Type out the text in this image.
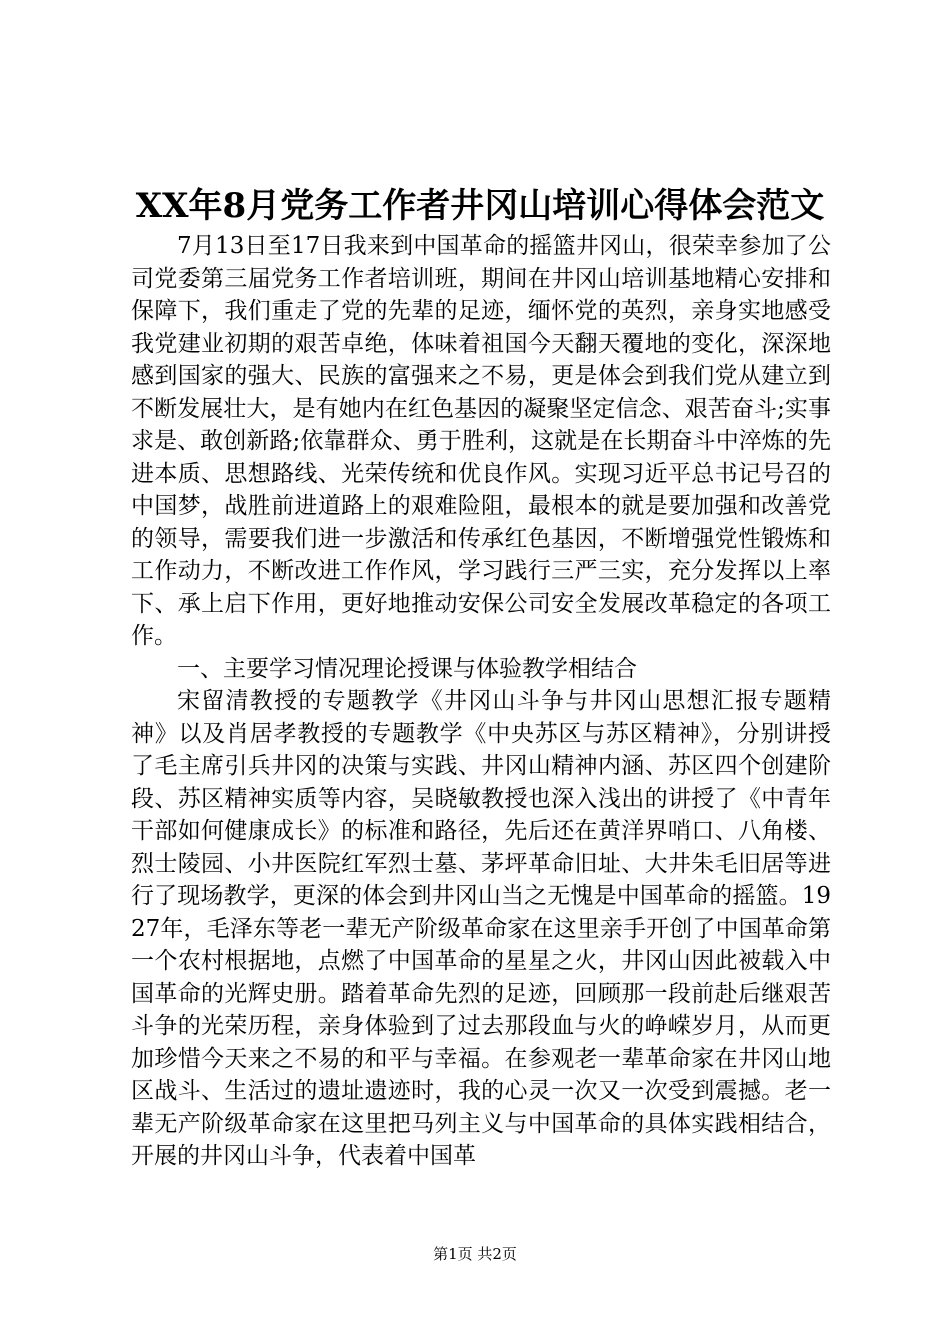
XX年8月党务工作者井冈山培训心得体会范文

7月13日至17日我来到中国革命的摇篮井冈山，很荣幸参加了公司党委第三届党务工作者培训班，期间在井冈山培训基地精心安排和保障下，我们重走了党的先辈的足迹，缅怀党的英烈，亲身实地感受我党建业初期的艰苦卓绝，体味着祖国今天翻天覆地的变化，深深地感到国家的强大、民族的富强来之不易，更是体会到我们党从建立到不断发展壮大，是有她内在红色基因的凝聚坚定信念、艰苦奋斗;实事求是、敢创新路;依靠群众、勇于胜利，这就是在长期奋斗中淬炼的先进本质、思想路线、光荣传统和优良作风。实现习近平总书记号召的中国梦，战胜前进道路上的艰难险阻，最根本的就是要加强和改善党的领导，需要我们进一步激活和传承红色基因，不断增强党性锻炼和工作动力，不断改进工作作风，学习践行三严三实，充分发挥以上率下、承上启下作用，更好地推动安保公司安全发展改革稳定的各项工作。

一、主要学习情况理论授课与体验教学相结合

宋留清教授的专题教学《井冈山斗争与井冈山思想汇报专题精神》以及肖居孝教授的专题教学《中央苏区与苏区精神》，分别讲授了毛主席引兵井冈的决策与实践、井冈山精神内涵、苏区四个创建阶段、苏区精神实质等内容，吴晓敏教授也深入浅出的讲授了《中青年干部如何健康成长》的标准和路径，先后还在黄洋界哨口、八角楼、烈士陵园、小井医院红军烈士墓、茅坪革命旧址、大井朱毛旧居等进行了现场教学，更深的体会到井冈山当之无愧是中国革命的摇篮。1927年，毛泽东等老一辈无产阶级革命家在这里亲手开创了中国革命第一个农村根据地，点燃了中国革命的星星之火，井冈山因此被载入中国革命的光辉史册。踏着革命先烈的足迹，回顾那一段前赴后继艰苦斗争的光荣历程，亲身体验到了过去那段血与火的峥嵘岁月，从而更加珍惜今天来之不易的和平与幸福。在参观老一辈革命家在井冈山地区战斗、生活过的遗址遗迹时，我的心灵一次又一次受到震撼。老一辈无产阶级革命家在这里把马列主义与中国革命的具体实践相结合，开展的井冈山斗争，代表着中国革

第1页 共2页
